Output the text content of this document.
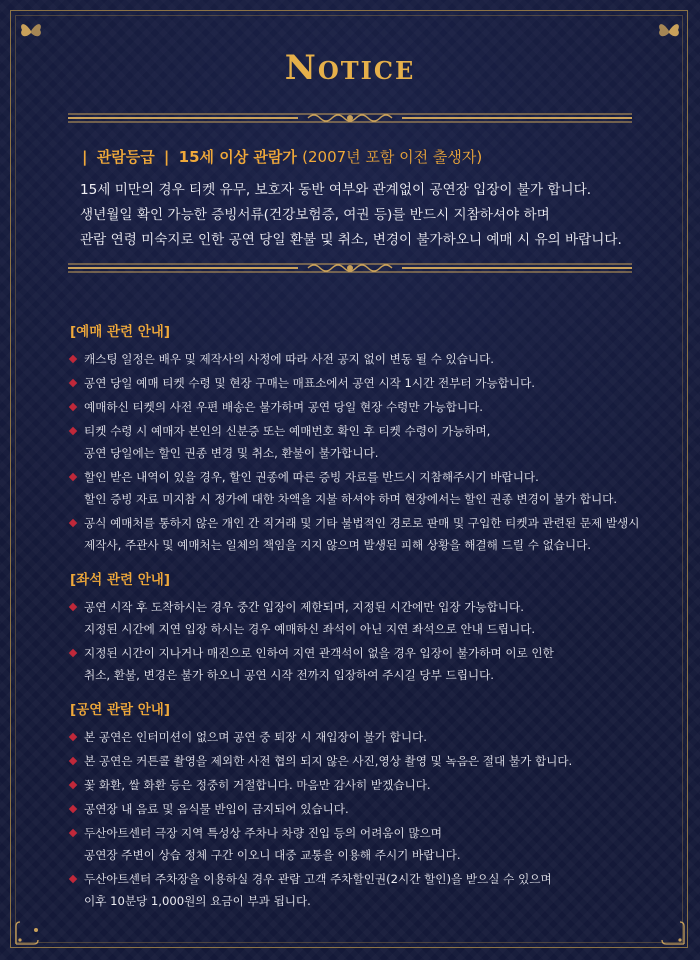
Notice
| 관람등급 | 15세 이상 관람가 (2007년 포함 이전 출생자)
15세 미만의 경우 티켓 유무, 보호자 동반 여부와 관계없이 공연장 입장이 불가 합니다.
생년월일 확인 가능한 증빙서류(건강보험증, 여권 등)를 반드시 지참하셔야 하며
관람 연령 미숙지로 인한 공연 당일 환불 및 취소, 변경이 불가하오니 예매 시 유의 바랍니다.
[예매 관련 안내]
캐스팅 일정은 배우 및 제작사의 사정에 따라 사전 공지 없이 변동 될 수 있습니다.
공연 당일 예매 티켓 수령 및 현장 구매는 매표소에서 공연 시작 1시간 전부터 가능합니다.
예매하신 티켓의 사전 우편 배송은 불가하며 공연 당일 현장 수령만 가능합니다.
티켓 수령 시 예매자 본인의 신분증 또는 예매번호 확인 후 티켓 수령이 가능하며,
공연 당일에는 할인 권종 변경 및 취소, 환불이 불가합니다.
할인 받은 내역이 있을 경우, 할인 권종에 따른 증빙 자료를 반드시 지참해주시기 바랍니다.
할인 증빙 자료 미지참 시 정가에 대한 차액을 지불 하셔야 하며 현장에서는 할인 권종 변경이 불가 합니다.
공식 예매처를 통하지 않은 개인 간 직거래 및 기타 불법적인 경로로 판매 및 구입한 티켓과 관련된 문제 발생시
제작사, 주관사 및 예매처는 일체의 책임을 지지 않으며 발생된 피해 상황을 해결해 드릴 수 없습니다.
[좌석 관련 안내]
공연 시작 후 도착하시는 경우 중간 입장이 제한되며, 지정된 시간에만 입장 가능합니다.
지정된 시간에 지연 입장 하시는 경우 예매하신 좌석이 아닌 지연 좌석으로 안내 드립니다.
지정된 시간이 지나거나 매진으로 인하여 지연 관객석이 없을 경우 입장이 불가하며 이로 인한
취소, 환불, 변경은 불가 하오니 공연 시작 전까지 입장하여 주시길 당부 드립니다.
[공연 관람 안내]
본 공연은 인터미션이 없으며 공연 중 퇴장 시 재입장이 불가 합니다.
본 공연은 커튼콜 촬영을 제외한 사전 협의 되지 않은 사진,영상 촬영 및 녹음은 절대 불가 합니다.
꽃 화환, 쌀 화환 등은 정중히 거절합니다. 마음만 감사히 받겠습니다.
공연장 내 음료 및 음식물 반입이 금지되어 있습니다.
두산아트센터 극장 지역 특성상 주차나 차량 진입 등의 어려움이 많으며
공연장 주변이 상습 정체 구간 이오니 대중 교통을 이용해 주시기 바랍니다.
두산아트센터 주차장을 이용하실 경우 관람 고객 주차할인권(2시간 할인)을 받으실 수 있으며
이후 10분당 1,000원의 요금이 부과 됩니다.
